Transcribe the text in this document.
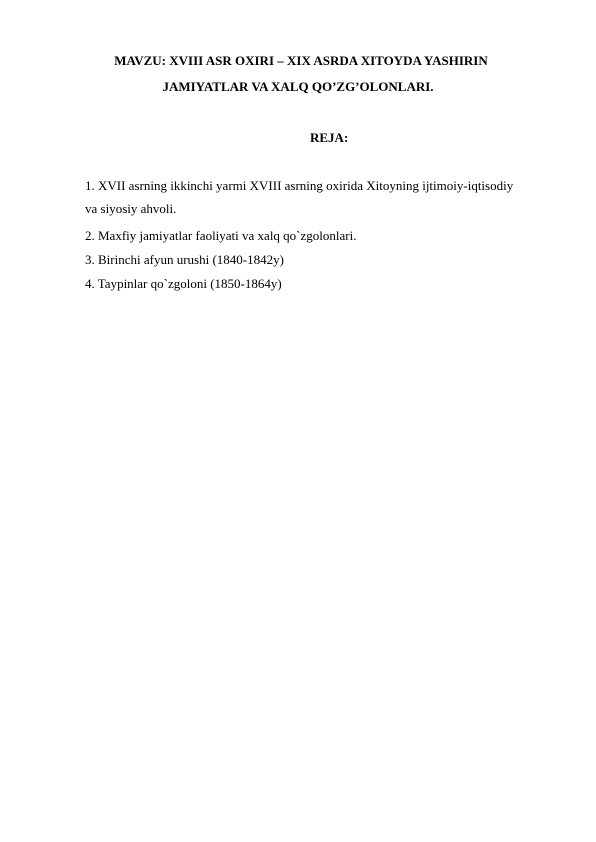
MAVZU: XVIII ASR OXIRI – XIX ASRDA XITOYDA YASHIRIN
JAMIYATLAR VA XALQ QO’ZG’OLONLARI.
REJA:
1. XVII asrning ikkinchi yarmi XVIII asrning oxirida Xitoyning ijtimoiy-iqtisodiy
va siyosiy ahvoli.
2. Maxfiy jamiyatlar faoliyati va xalq qo`zgolonlari.
3. Birinchi afyun urushi (1840-1842y)
4. Taypinlar qo`zgoloni (1850-1864y)
